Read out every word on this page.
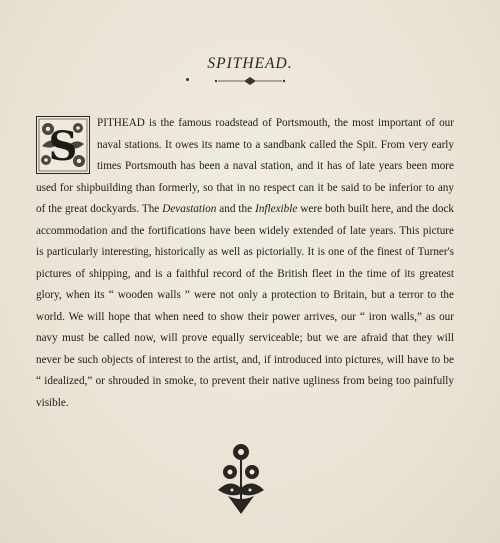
SPITHEAD.
S PITHEAD is the famous roadstead of Portsmouth, the most important of our naval stations. It owes its name to a sandbank called the Spit. From very early times Portsmouth has been a naval station, and it has of late years been more used for shipbuilding than formerly, so that in no respect can it be said to be inferior to any of the great dockyards. The Devastation and the Inflexible were both built here, and the dock accommodation and the fortifications have been widely extended of late years. This picture is particularly interesting, historically as well as pictorially. It is one of the finest of Turner's pictures of shipping, and is a faithful record of the British fleet in the time of its greatest glory, when its “ wooden walls ” were not only a protection to Britain, but a terror to the world. We will hope that when need to show their power arrives, our “ iron walls,” as our navy must be called now, will prove equally serviceable; but we are afraid that they will never be such objects of interest to the artist, and, if introduced into pictures, will have to be “ idealized,” or shrouded in smoke, to prevent their native ugliness from being too painfully visible.
